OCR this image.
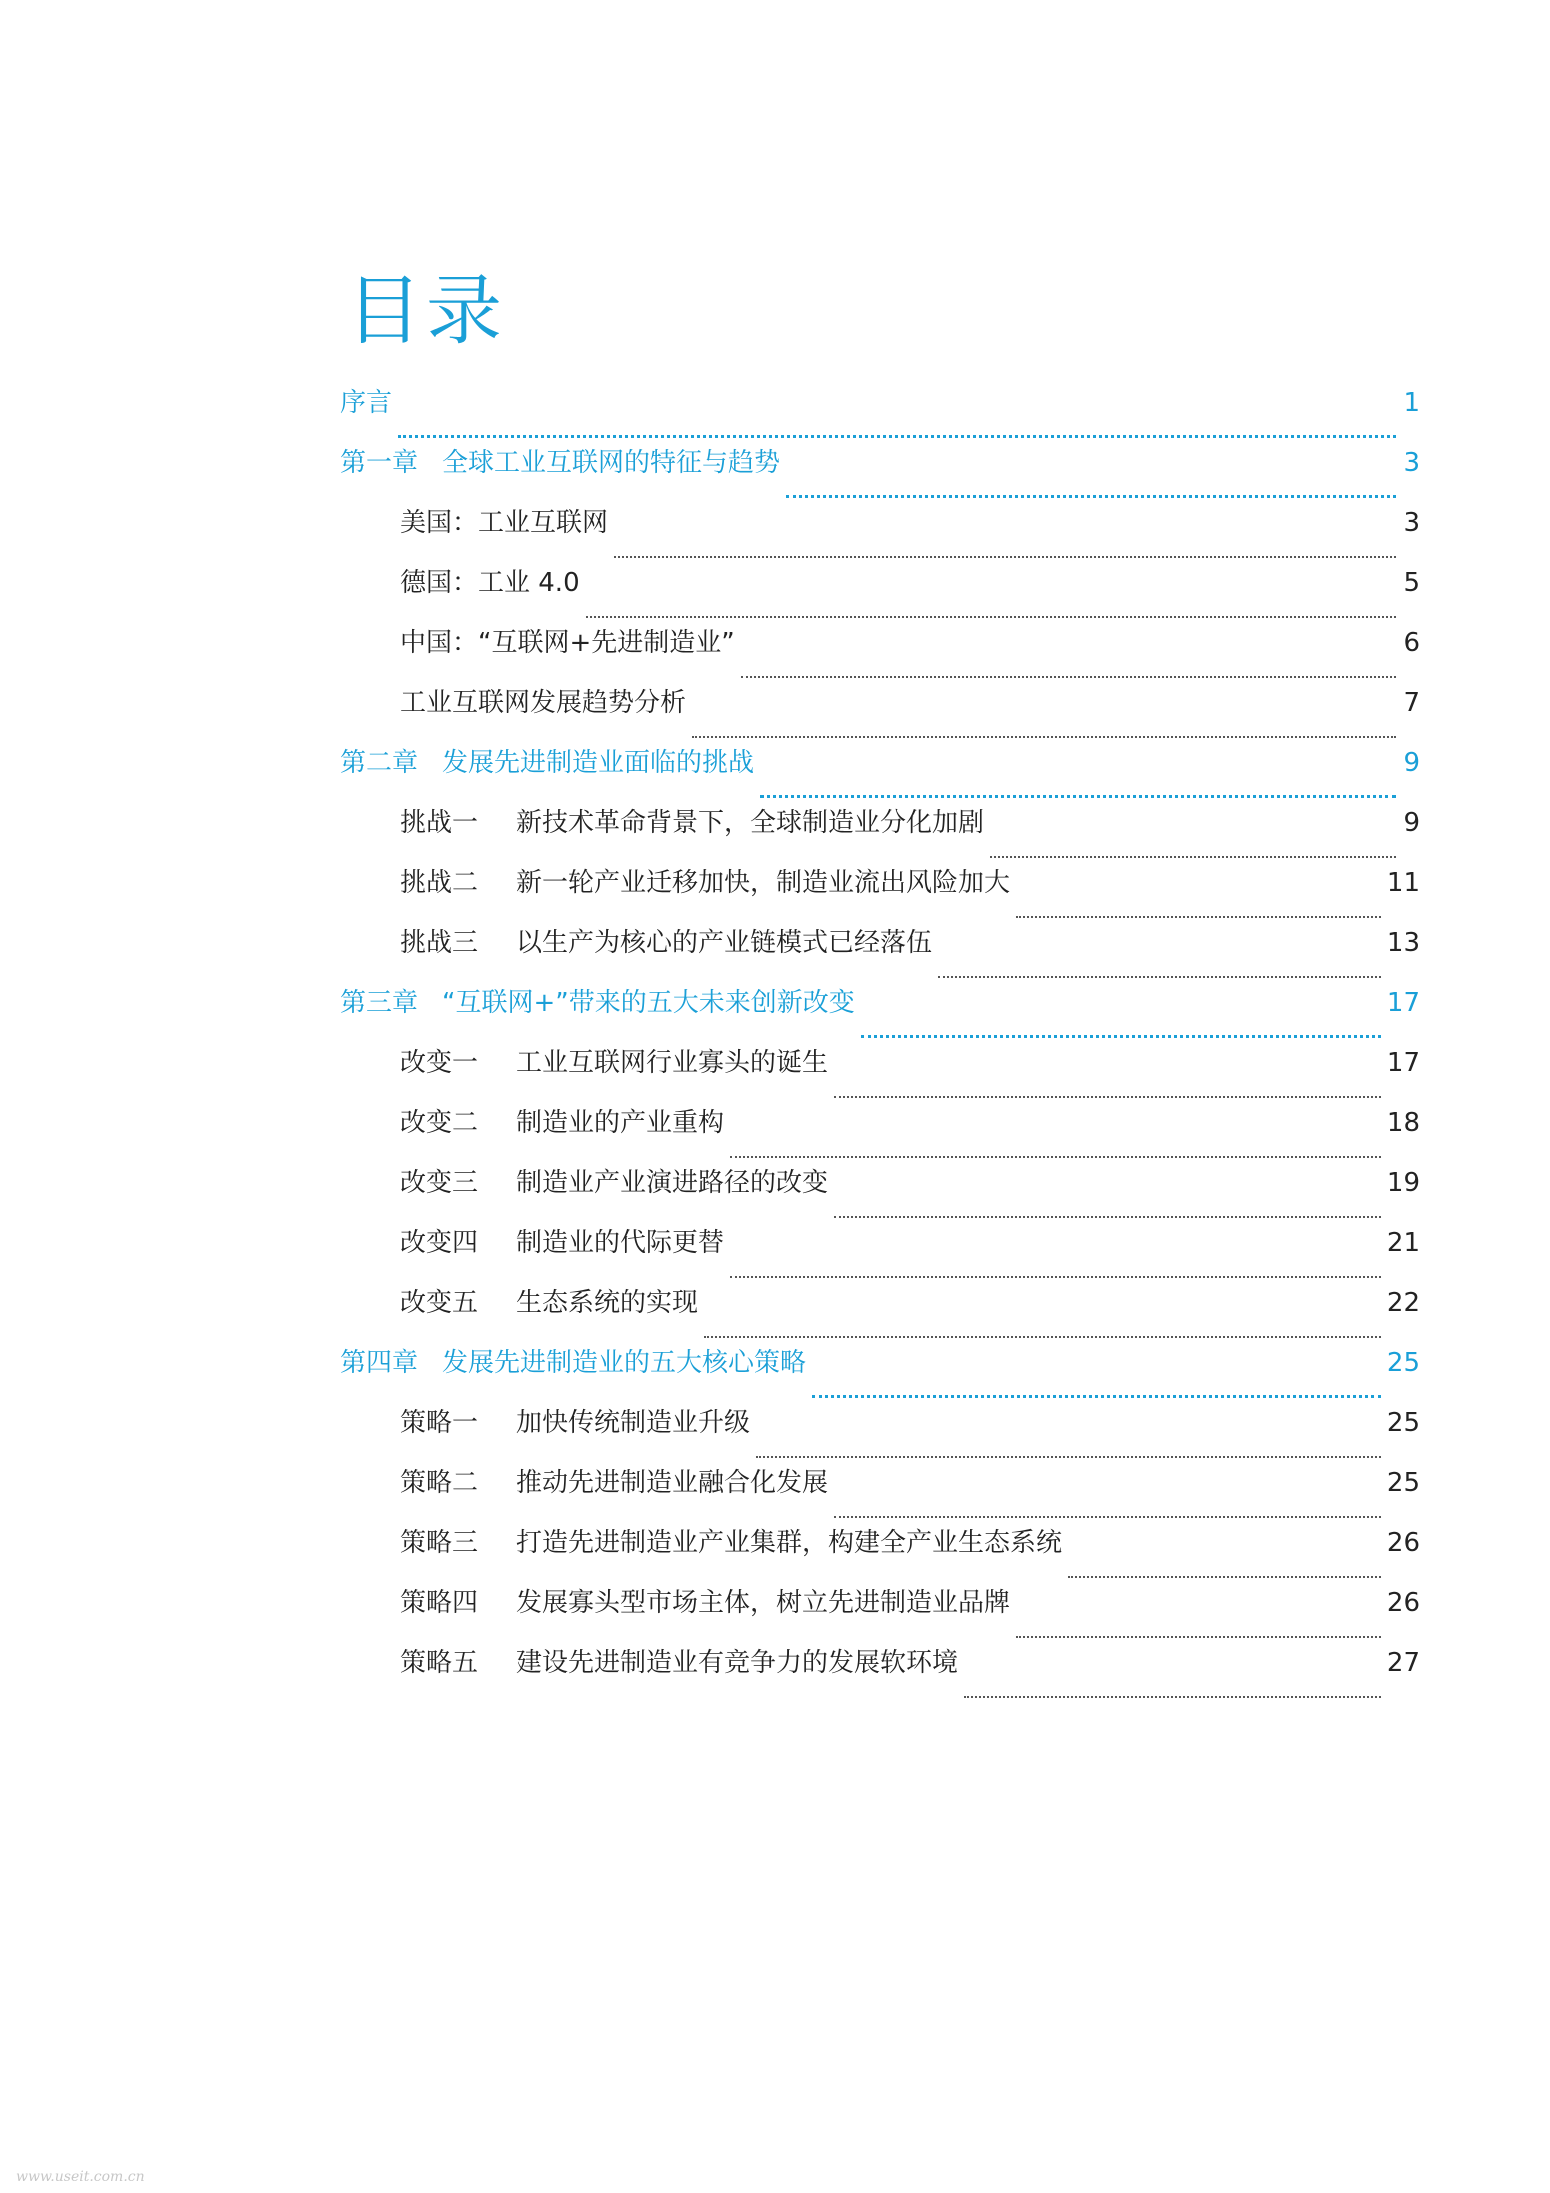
目录
序言	1
第一章 全球工业互联网的特征与趋势	3
美国：工业互联网	3
德国：工业 4.0	5
中国：“互联网+先进制造业”	6
工业互联网发展趋势分析	7
第二章 发展先进制造业面临的挑战	9
挑战一	新技术革命背景下，全球制造业分化加剧	9
挑战二	新一轮产业迁移加快，制造业流出风险加大	11
挑战三	以生产为核心的产业链模式已经落伍	13
第三章 “互联网+”带来的五大未来创新改变	17
改变一	工业互联网行业寡头的诞生	17
改变二	制造业的产业重构	18
改变三	制造业产业演进路径的改变	19
改变四	制造业的代际更替	21
改变五	生态系统的实现	22
第四章 发展先进制造业的五大核心策略	25
策略一	加快传统制造业升级	25
策略二	推动先进制造业融合化发展	25
策略三	打造先进制造业产业集群，构建全产业生态系统	26
策略四	发展寡头型市场主体，树立先进制造业品牌	26
策略五	建设先进制造业有竞争力的发展软环境	27
www.useit.com.cn
